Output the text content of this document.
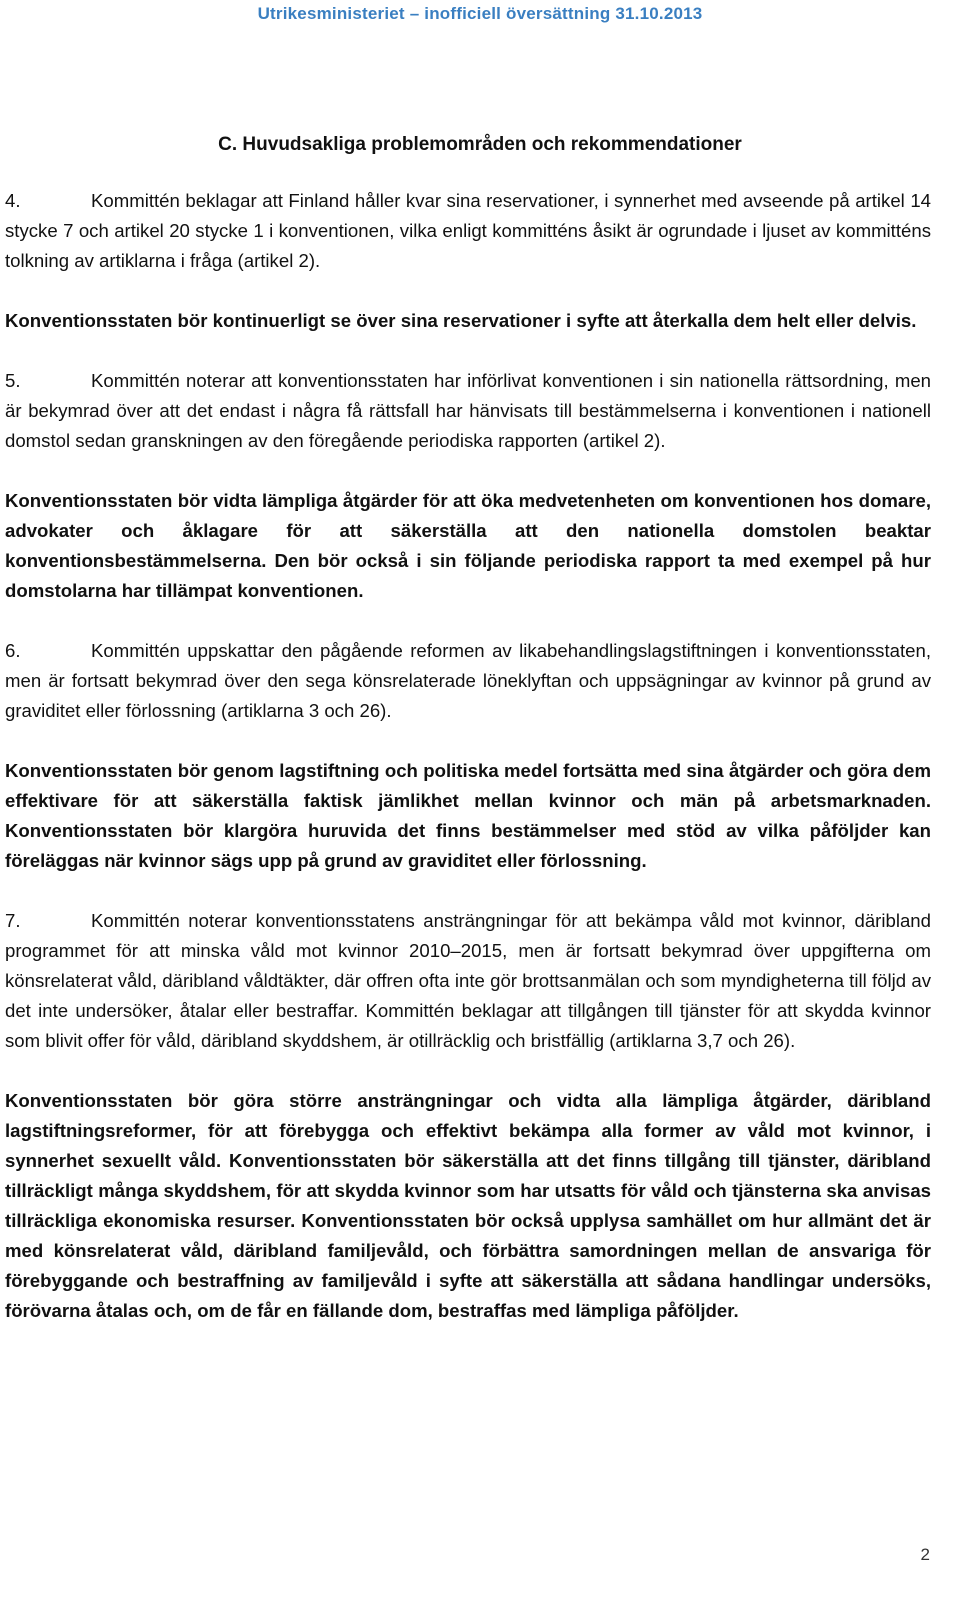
Utrikesministeriet – inofficiell översättning 31.10.2013
C. Huvudsakliga problemområden och rekommendationer

4.	Kommittén beklagar att Finland håller kvar sina reservationer, i synnerhet med avseende på artikel 14 stycke 7 och artikel 20 stycke 1 i konventionen, vilka enligt kommitténs åsikt är ogrundade i ljuset av kommitténs tolkning av artiklarna i fråga (artikel 2).

Konventionsstaten bör kontinuerligt se över sina reservationer i syfte att återkalla dem helt eller delvis.

5.	Kommittén noterar att konventionsstaten har införlivat konventionen i sin nationella rättsordning, men är bekymrad över att det endast i några få rättsfall har hänvisats till bestämmelserna i konventionen i nationell domstol sedan granskningen av den föregående periodiska rapporten (artikel 2).

Konventionsstaten bör vidta lämpliga åtgärder för att öka medvetenheten om konventionen hos domare, advokater och åklagare för att säkerställa att den nationella domstolen beaktar konventionsbestämmelserna. Den bör också i sin följande periodiska rapport ta med exempel på hur domstolarna har tillämpat konventionen.

6.	Kommittén uppskattar den pågående reformen av likabehandlingslagstiftningen i konventionsstaten, men är fortsatt bekymrad över den sega könsrelaterade löneklyftan och uppsägningar av kvinnor på grund av graviditet eller förlossning (artiklarna 3 och 26).

Konventionsstaten bör genom lagstiftning och politiska medel fortsätta med sina åtgärder och göra dem effektivare för att säkerställa faktisk jämlikhet mellan kvinnor och män på arbetsmarknaden. Konventionsstaten bör klargöra huruvida det finns bestämmelser med stöd av vilka påföljder kan föreläggas när kvinnor sägs upp på grund av graviditet eller förlossning.

7.	Kommittén noterar konventionsstatens ansträngningar för att bekämpa våld mot kvinnor, däribland programmet för att minska våld mot kvinnor 2010–2015, men är fortsatt bekymrad över uppgifterna om könsrelaterat våld, däribland våldtäkter, där offren ofta inte gör brottsanmälan och som myndigheterna till följd av det inte undersöker, åtalar eller bestraffar. Kommittén beklagar att tillgången till tjänster för att skydda kvinnor som blivit offer för våld, däribland skyddshem, är otillräcklig och bristfällig (artiklarna 3,7 och 26).

Konventionsstaten bör göra större ansträngningar och vidta alla lämpliga åtgärder, däribland lagstiftningsreformer, för att förebygga och effektivt bekämpa alla former av våld mot kvinnor, i synnerhet sexuellt våld. Konventionsstaten bör säkerställa att det finns tillgång till tjänster, däribland tillräckligt många skyddshem, för att skydda kvinnor som har utsatts för våld och tjänsterna ska anvisas tillräckliga ekonomiska resurser. Konventionsstaten bör också upplysa samhället om hur allmänt det är med könsrelaterat våld, däribland familjevåld, och förbättra samordningen mellan de ansvariga för förebyggande och bestraffning av familjevåld i syfte att säkerställa att sådana handlingar undersöks, förövarna åtalas och, om de får en fällande dom, bestraffas med lämpliga påföljder.

2
